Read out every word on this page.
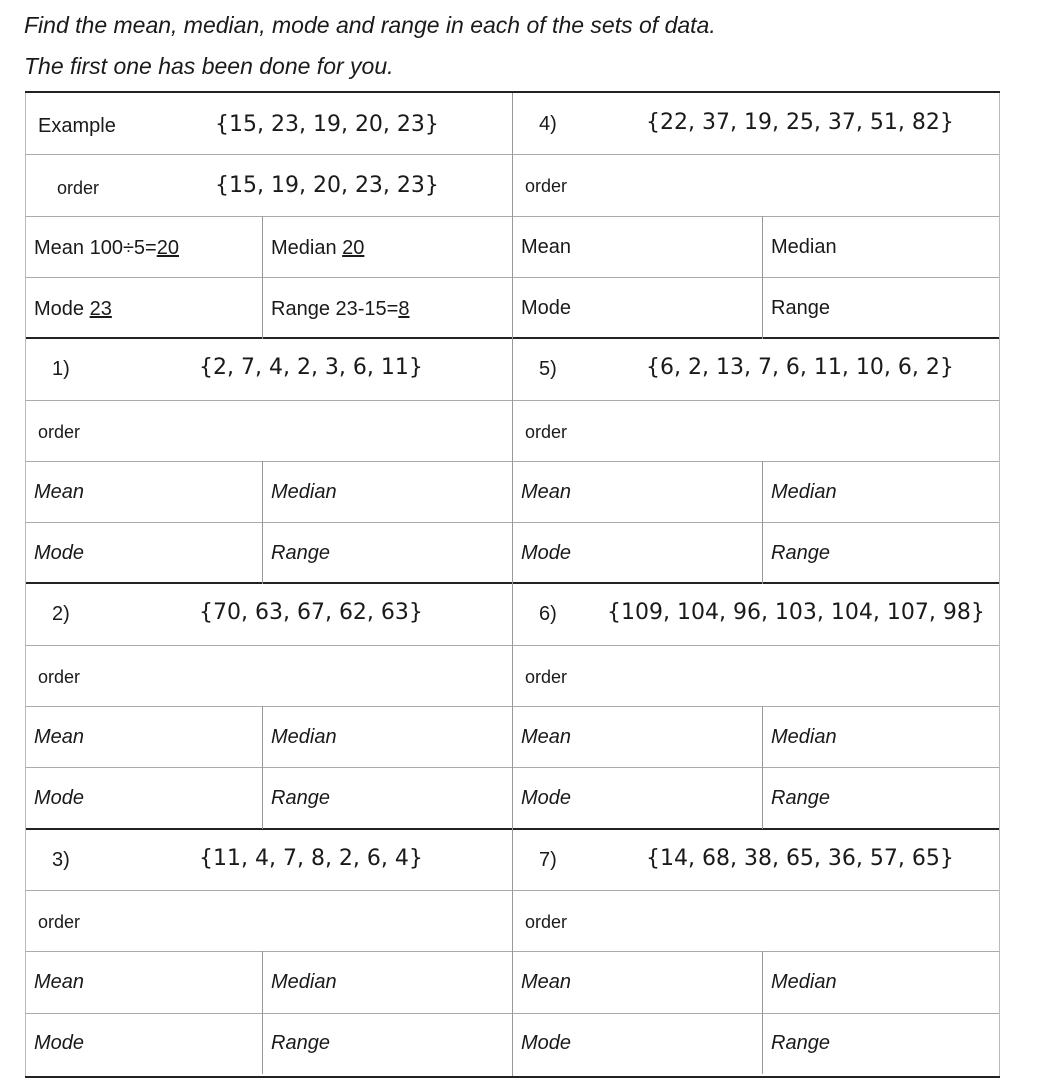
Find the mean, median, mode and range in each of the sets of data.
The first one has been done for you.
Example	{15, 23, 19, 20, 23}
order	{15, 19, 20, 23, 23}
Mean 100÷5=20	Median 20
Mode 23	Range 23-15=8
1)	{2, 7, 4, 2, 3, 6, 11}
order
Mean	Median
Mode	Range
2)	{70, 63, 67, 62, 63}
order
Mean	Median
Mode	Range
3)	{11, 4, 7, 8, 2, 6, 4}
order
Mean	Median
Mode	Range
4)	{22, 37, 19, 25, 37, 51, 82}
order
Mean	Median
Mode	Range
5)	{6, 2, 13, 7, 6, 11, 10, 6, 2}
order
Mean	Median
Mode	Range
6) {109, 104, 96, 103, 104, 107, 98}
order
Mean	Median
Mode	Range
7)	{14, 68, 38, 65, 36, 57, 65}
order
Mean	Median
Mode	Range
